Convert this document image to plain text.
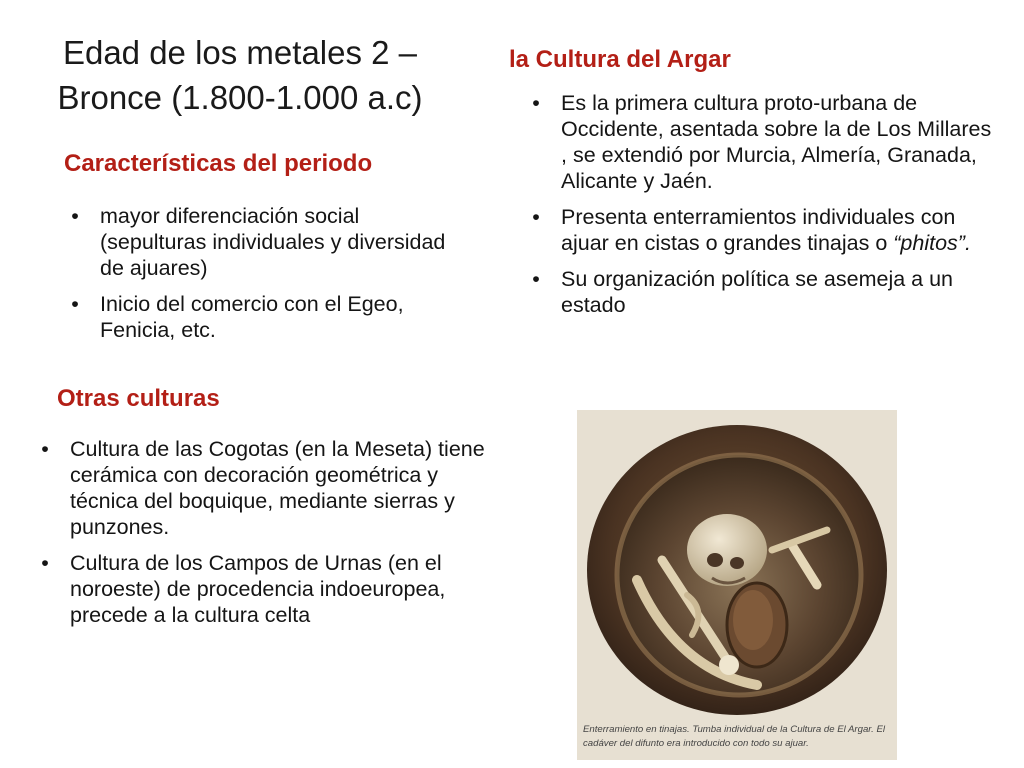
Edad de los metales 2 – Bronce (1.800-1.000 a.c)
Características del periodo
• mayor diferenciación social (sepulturas individuales y diversidad de ajuares)
• Inicio del comercio con el Egeo, Fenicia, etc.
Otras culturas
• Cultura de las Cogotas (en la Meseta) tiene cerámica con decoración geométrica y técnica del boquique, mediante sierras y punzones.
• Cultura de los Campos de Urnas (en el noroeste) de procedencia indoeuropea, precede a la cultura celta
la Cultura del Argar
• Es la primera cultura proto-urbana de Occidente, asentada sobre la de Los Millares , se extendió por Murcia, Almería, Granada, Alicante y Jaén.
• Presenta enterramientos individuales con ajuar en cistas o grandes tinajas o “phitos”.
• Su organización política se asemeja a un estado
Enterramiento en tinajas. Tumba individual de la Cultura de El Argar. El cadáver del difunto era introducido con todo su ajuar.
